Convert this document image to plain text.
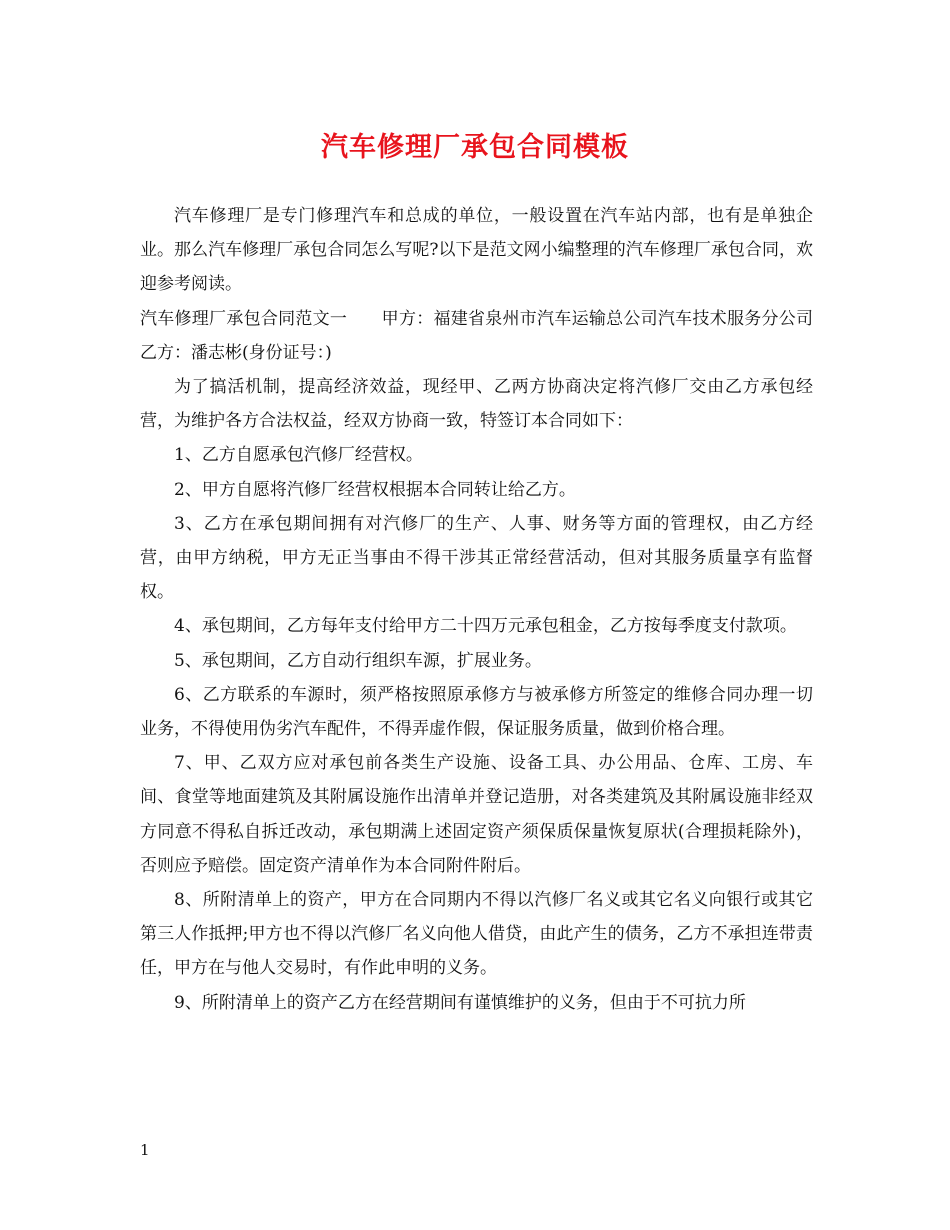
汽车修理厂承包合同模板

汽车修理厂是专门修理汽车和总成的单位，一般设置在汽车站内部，也有是单独企业。那么汽车修理厂承包合同怎么写呢?以下是范文网小编整理的汽车修理厂承包合同，欢迎参考阅读。

汽车修理厂承包合同范文一　　甲方：福建省泉州市汽车运输总公司汽车技术服务分公司 乙方：潘志彬(身份证号：)

为了搞活机制，提高经济效益，现经甲、乙两方协商决定将汽修厂交由乙方承包经营，为维护各方合法权益，经双方协商一致，特签订本合同如下：

1、乙方自愿承包汽修厂经营权。

2、甲方自愿将汽修厂经营权根据本合同转让给乙方。

3、乙方在承包期间拥有对汽修厂的生产、人事、财务等方面的管理权，由乙方经营，由甲方纳税，甲方无正当事由不得干涉其正常经营活动，但对其服务质量享有监督权。

4、承包期间，乙方每年支付给甲方二十四万元承包租金，乙方按每季度支付款项。

5、承包期间，乙方自动行组织车源，扩展业务。

6、乙方联系的车源时，须严格按照原承修方与被承修方所签定的维修合同办理一切业务，不得使用伪劣汽车配件，不得弄虚作假，保证服务质量，做到价格合理。

7、甲、乙双方应对承包前各类生产设施、设备工具、办公用品、仓库、工房、车间、食堂等地面建筑及其附属设施作出清单并登记造册，对各类建筑及其附属设施非经双方同意不得私自拆迁改动，承包期满上述固定资产须保质保量恢复原状(合理损耗除外)，否则应予赔偿。固定资产清单作为本合同附件附后。

8、所附清单上的资产，甲方在合同期内不得以汽修厂名义或其它名义向银行或其它第三人作抵押;甲方也不得以汽修厂名义向他人借贷，由此产生的债务，乙方不承担连带责任，甲方在与他人交易时，有作此申明的义务。

9、所附清单上的资产乙方在经营期间有谨慎维护的义务，但由于不可抗力所

1
